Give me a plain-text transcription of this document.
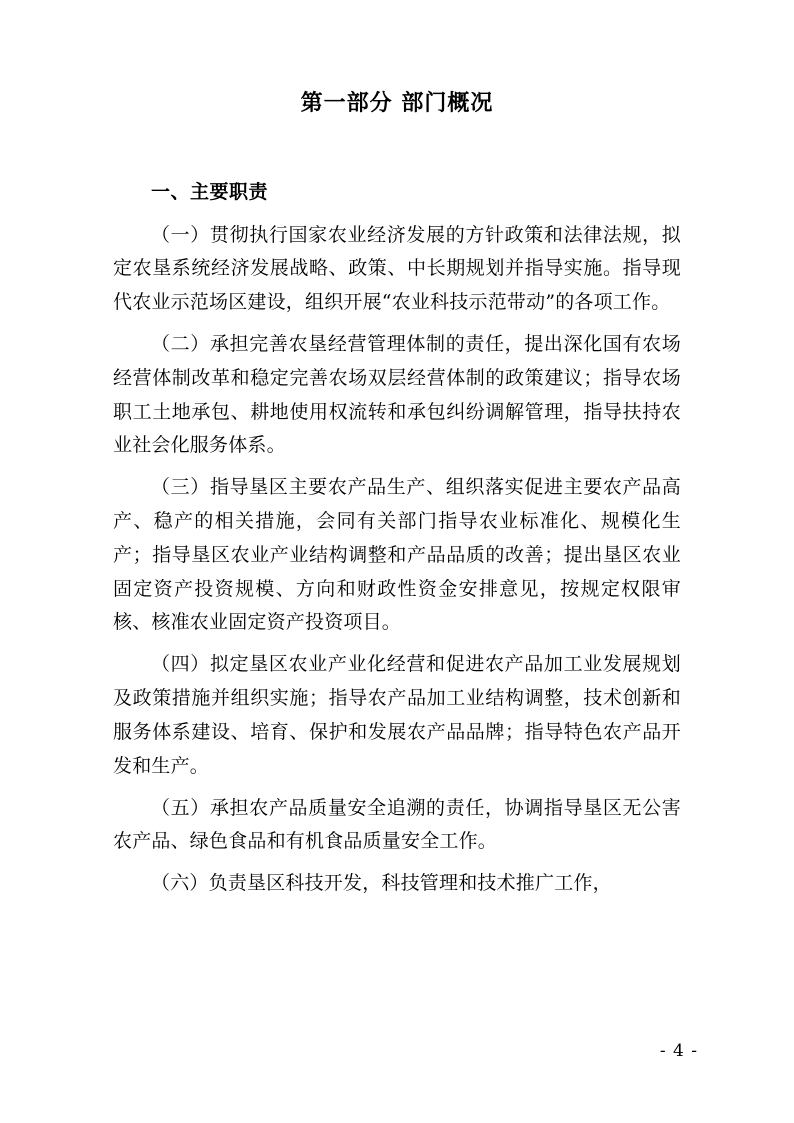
第一部分 部门概况
一、主要职责

（一）贯彻执行国家农业经济发展的方针政策和法律法规，拟定农垦系统经济发展战略、政策、中长期规划并指导实施。指导现代农业示范场区建设，组织开展“农业科技示范带动”的各项工作。

（二）承担完善农垦经营管理体制的责任，提出深化国有农场经营体制改革和稳定完善农场双层经营体制的政策建议；指导农场职工土地承包、耕地使用权流转和承包纠纷调解管理，指导扶持农业社会化服务体系。

（三）指导垦区主要农产品生产、组织落实促进主要农产品高产、稳产的相关措施，会同有关部门指导农业标准化、规模化生产；指导垦区农业产业结构调整和产品品质的改善；提出垦区农业固定资产投资规模、方向和财政性资金安排意见，按规定权限审核、核准农业固定资产投资项目。

（四）拟定垦区农业产业化经营和促进农产品加工业发展规划及政策措施并组织实施；指导农产品加工业结构调整，技术创新和服务体系建设、培育、保护和发展农产品品牌；指导特色农产品开发和生产。

（五）承担农产品质量安全追溯的责任，协调指导垦区无公害农产品、绿色食品和有机食品质量安全工作。

（六）负责垦区科技开发，科技管理和技术推广工作，

- 4 -
